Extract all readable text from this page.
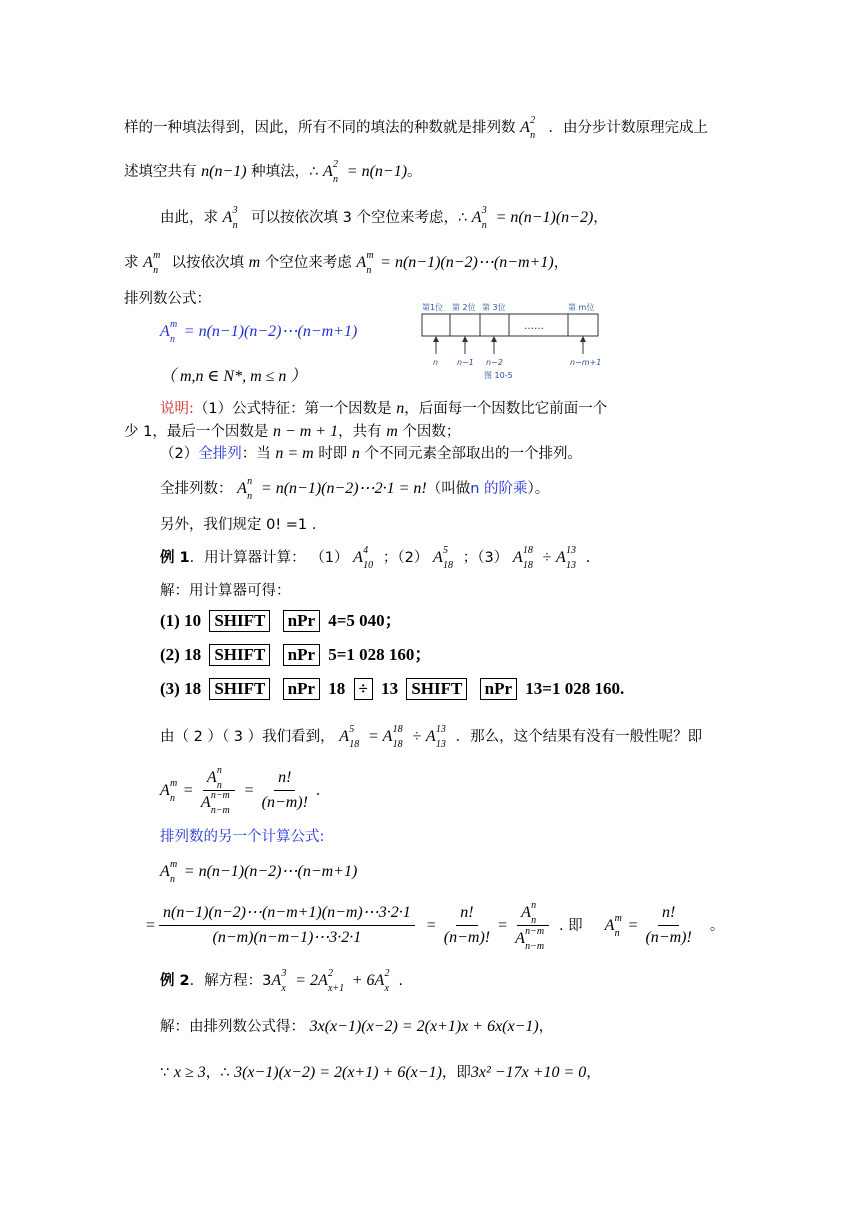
样的一种填法得到，因此，所有不同的填法的种数就是排列数 A n
2 ．由分步计数原理完成上
述填空共有 n(n−1) 种填法，∴ A n
2 = n(n−1)。
由此，求 A n
3 可以按依次填 3 个空位来考虑，∴ A n
3 = n(n−1)(n−2)，
求 A n
m 以按依次填 m 个空位来考虑 A n
m = n(n−1)(n−2)⋯(n−m+1)，
排列数公式：
A n
m = n(n−1)(n−2)⋯(n−m+1)
（ m,n ∈ N*, m ≤ n ）
第1位 第 2位 第 3位	第 m位
……
n n−1 n−2	n−m+1
图 10-5
说明:（1）公式特征：第一个因数是 n，后面每一个因数比它前面一个
少 1，最后一个因数是 n − m + 1，共有 m 个因数；
（2）全排列：当 n = m 时即 n 个不同元素全部取出的一个排列。
全排列数： A n
n = n(n−1)(n−2)⋯2·1 = n!（叫做n 的阶乘）。
另外，我们规定 0! =1 .
例 1．用计算器计算： （1） A 10
4 ；（2） A 18
5 ；（3） A 18
18 ÷ A 13
13 .
解：用计算器可得：
(1) 10 SHIFT nPr 4=5 040；
(2) 18 SHIFT nPr 5=1 028 160；
(3) 18 SHIFT nPr 18 ÷ 13 SHIFT nPr 13=1 028 160.
由（ 2 ）（ 3 ）我们看到， A 18
5 = A 18
18 ÷ A 13
13 ．那么，这个结果有没有一般性呢？即
A n
m = A n
n
A n−m
$n-m = \frac{n!}{(n-m)!}$ .
排列数的另一个计算公式:
A n
m = n(n−1)(n−2)⋯(n−m+1)
= $\frac{n(n-1)(n-2)\cdots(n-m+1)(n-m)\cdots 3\cdot 2\cdot 1}{(n-m)(n-m-1)\cdots 3\cdot 2\cdot 1} = \frac{n!}{(n-m)!} = A$ n
n
A n−m
n−m . 即 A n
$m = \frac{n!}{(n-m)!}$ 。
例 2．解方程：3A x
3 = 2A x+1
2 + 6A x
2 .
解：由排列数公式得： 3x(x−1)(x−2) = 2(x+1)x + 6x(x−1)，
∵ x ≥ 3，∴ 3(x−1)(x−2) = 2(x+1) + 6(x−1)，即3x² −17x +10 = 0，
